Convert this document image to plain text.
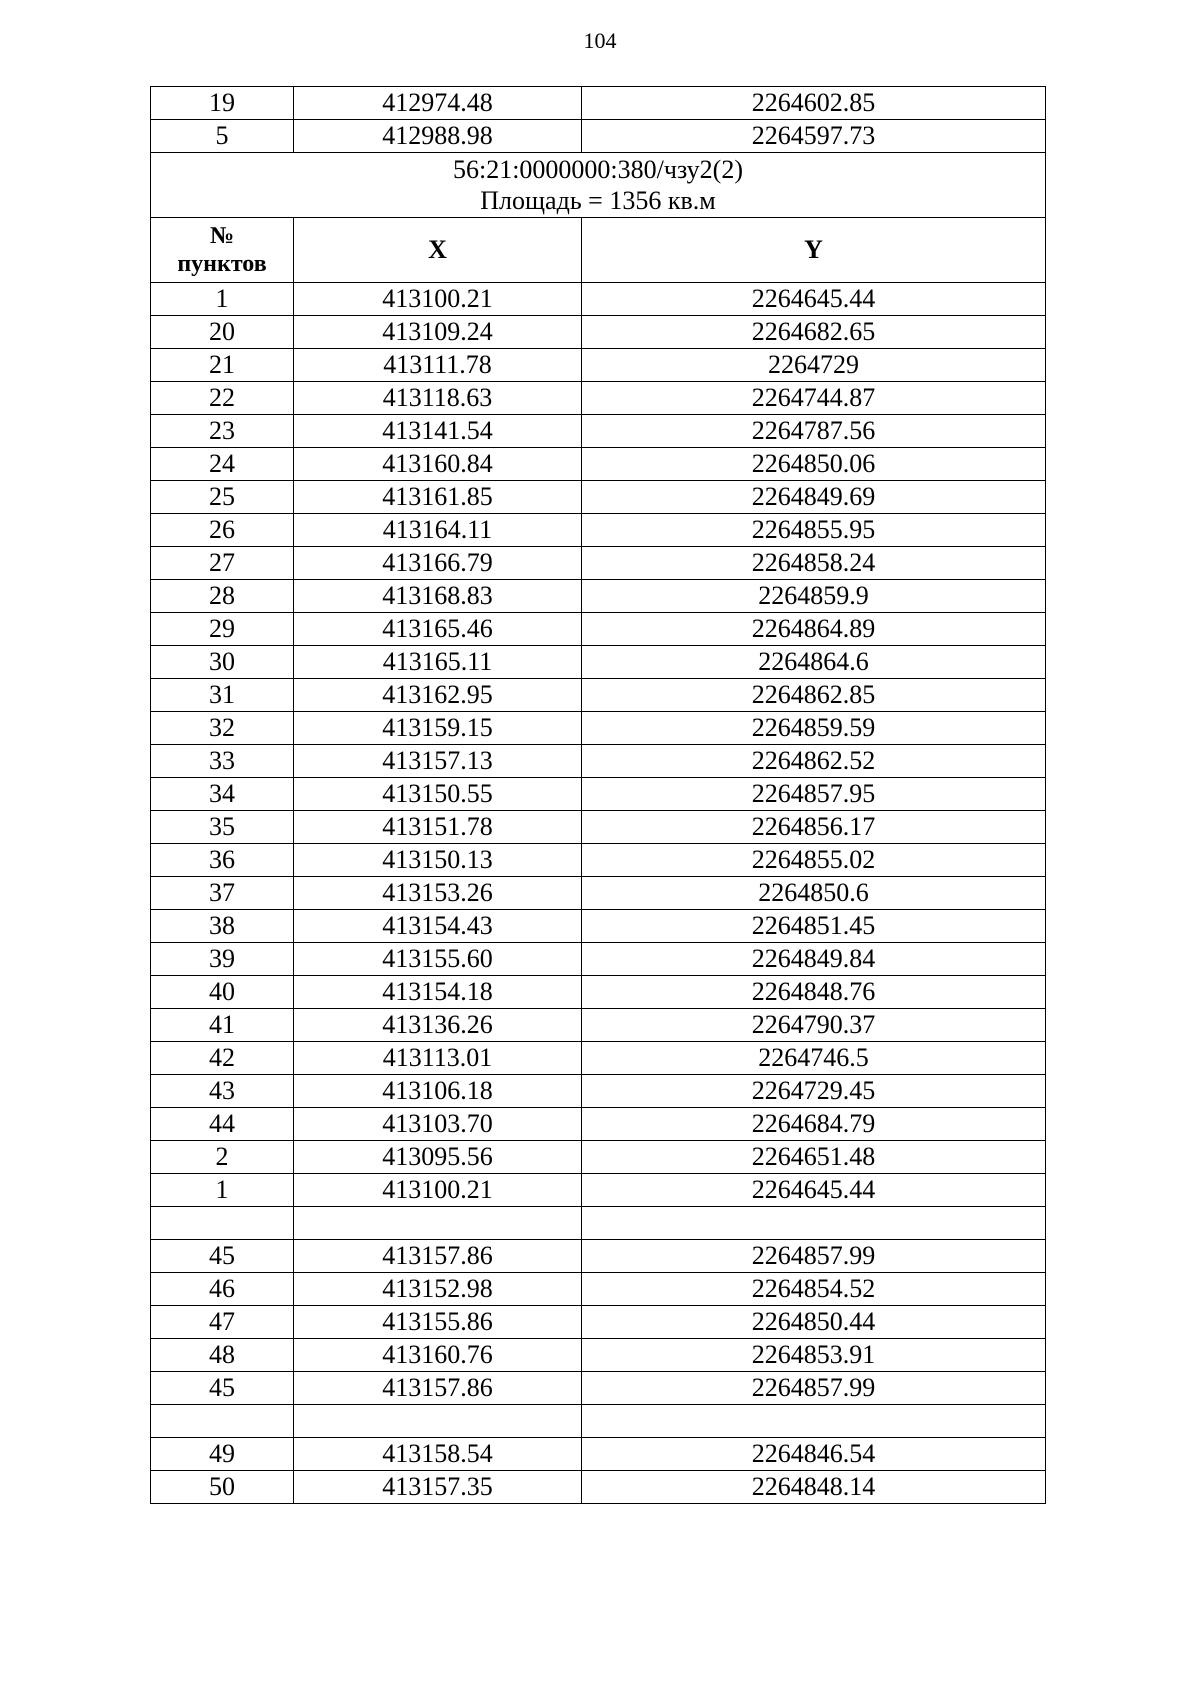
104
19	412974.48	2264602.85
5	412988.98	2264597.73

56:21:0000000:380/чзу2(2)
Площадь = 1356 кв.м		

№
пунктов	X	Y
1	413100.21	2264645.44
20	413109.24	2264682.65
21	413111.78	2264729
22	413118.63	2264744.87
23	413141.54	2264787.56
24	413160.84	2264850.06
25	413161.85	2264849.69
26	413164.11	2264855.95
27	413166.79	2264858.24
28	413168.83	2264859.9
29	413165.46	2264864.89
30	413165.11	2264864.6
31	413162.95	2264862.85
32	413159.15	2264859.59
33	413157.13	2264862.52
34	413150.55	2264857.95
35	413151.78	2264856.17
36	413150.13	2264855.02
37	413153.26	2264850.6
38	413154.43	2264851.45
39	413155.60	2264849.84
40	413154.18	2264848.76
41	413136.26	2264790.37
42	413113.01	2264746.5
43	413106.18	2264729.45
44	413103.70	2264684.79
2	413095.56	2264651.48
1	413100.21	2264645.44

45	413157.86	2264857.99
46	413152.98	2264854.52
47	413155.86	2264850.44
48	413160.76	2264853.91
45	413157.86	2264857.99

49	413158.54	2264846.54
50	413157.35	2264848.14
